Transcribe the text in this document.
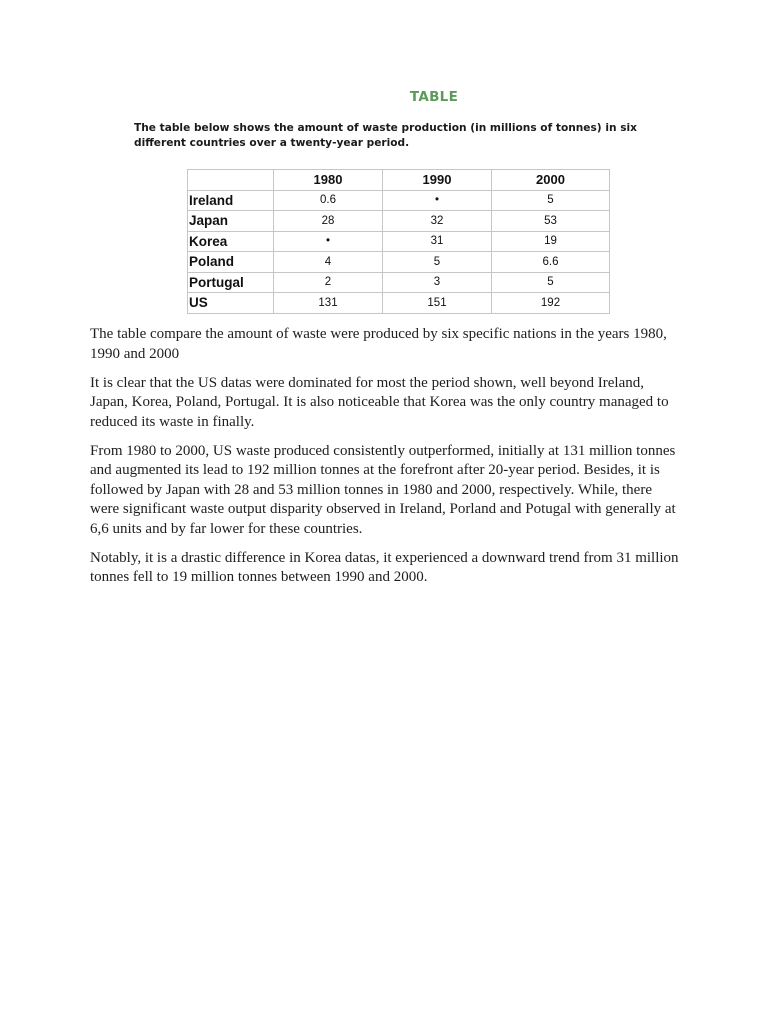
TABLE

The table below shows the amount of waste production (in millions of tonnes) in six different countries over a twenty-year period.

	1980	1990	2000
Ireland	0.6	•	5
Japan	28	32	53
Korea	•	31	19
Poland	4	5	6.6
Portugal	2	3	5
US	131	151	192

The table compare the amount of waste were produced by six specific nations in the years 1980, 1990 and 2000

It is clear that the US datas were dominated for most the period shown, well beyond Ireland, Japan, Korea, Poland, Portugal. It is also noticeable that Korea was the only country managed to reduced its waste in finally.

From 1980 to 2000, US waste produced consistently outperformed, initially at 131 million tonnes and augmented its lead to 192 million tonnes at the forefront after 20-year period. Besides, it is followed by Japan with 28 and 53 million tonnes in 1980 and 2000, respectively. While, there were significant waste output disparity observed in Ireland, Porland and Potugal with generally at 6,6 units and by far lower for these countries.

Notably, it is a drastic difference in Korea datas, it experienced a downward trend from 31 million tonnes fell to 19 million tonnes between 1990 and 2000.
